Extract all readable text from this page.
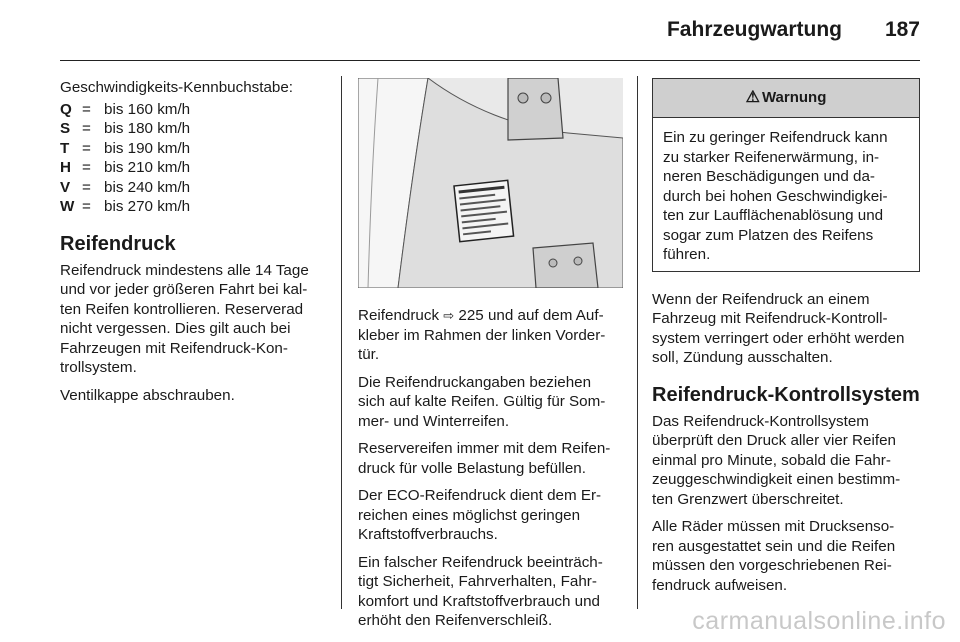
Fahrzeugwartung 187

Geschwindigkeits-Kennbuchstabe:

Q = bis 160 km/h
S = bis 180 km/h
T = bis 190 km/h
H = bis 210 km/h
V = bis 240 km/h
W = bis 270 km/h
Reifendruck

Reifendruck mindestens alle 14 Tage
und vor jeder größeren Fahrt bei kal-
ten Reifen kontrollieren. Reserverad
nicht vergessen. Dies gilt auch bei
Fahrzeugen mit Reifendruck-Kon-
trollsystem.

Ventilkappe abschrauben.

Reifendruck ⇨ 225 und auf dem Auf-
kleber im Rahmen der linken Vorder-
tür.

Die Reifendruckangaben beziehen
sich auf kalte Reifen. Gültig für Som-
mer- und Winterreifen.

Reservereifen immer mit dem Reifen-
druck für volle Belastung befüllen.

Der ECO-Reifendruck dient dem Er-
reichen eines möglichst geringen
Kraftstoffverbrauchs.

Ein falscher Reifendruck beeinträch-
tigt Sicherheit, Fahrverhalten, Fahr-
komfort und Kraftstoffverbrauch und
erhöht den Reifenverschleiß.

⚠ Warnung
Ein zu geringer Reifendruck kann
zu starker Reifenerwärmung, in-
neren Beschädigungen und da-
durch bei hohen Geschwindigkei-
ten zur Laufflächenablösung und
sogar zum Platzen des Reifens
führen.

Wenn der Reifendruck an einem
Fahrzeug mit Reifendruck-Kontroll-
system verringert oder erhöht werden
soll, Zündung ausschalten.

Reifendruck-Kontrollsystem

Das Reifendruck-Kontrollsystem
überprüft den Druck aller vier Reifen
einmal pro Minute, sobald die Fahr-
zeuggeschwindigkeit einen bestimm-
ten Grenzwert überschreitet.

Alle Räder müssen mit Drucksenso-
ren ausgestattet sein und die Reifen
müssen den vorgeschriebenen Rei-
fendruck aufweisen.

carmanualsonline.info
